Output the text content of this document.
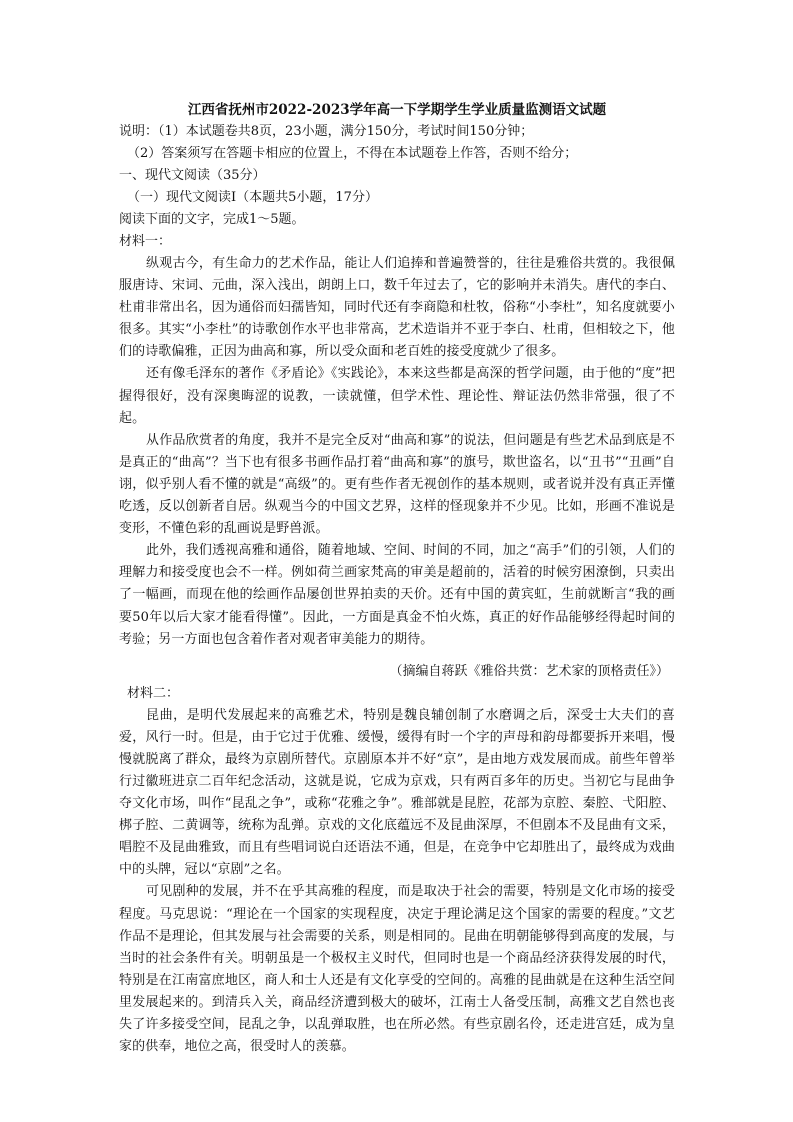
江西省抚州市2022-2023学年高一下学期学生学业质量监测语文试题
说明：（1）本试题卷共8页，23小题，满分150分，考试时间150分钟；
（2）答案须写在答题卡相应的位置上，不得在本试题卷上作答，否则不给分；
一、现代文阅读（35分）
（一）现代文阅读Ⅰ（本题共5小题，17分）
阅读下面的文字，完成1～5题。
材料一：

纵观古今，有生命力的艺术作品，能让人们追捧和普遍赞誉的，往往是雅俗共赏的。我很佩服唐诗、宋词、元曲，深入浅出，朗朗上口，数千年过去了，它的影响并未消失。唐代的李白、杜甫非常出名，因为通俗而妇孺皆知，同时代还有李商隐和杜牧，俗称“小李杜”，知名度就要小很多。其实“小李杜”的诗歌创作水平也非常高，艺术造诣并不亚于李白、杜甫，但相较之下，他们的诗歌偏雅，正因为曲高和寡，所以受众面和老百姓的接受度就少了很多。

还有像毛泽东的著作《矛盾论》《实践论》，本来这些都是高深的哲学问题，由于他的“度”把握得很好，没有深奥晦涩的说教，一读就懂，但学术性、理论性、辩证法仍然非常强，很了不起。

从作品欣赏者的角度，我并不是完全反对“曲高和寡”的说法，但问题是有些艺术品到底是不是真正的“曲高”？当下也有很多书画作品打着“曲高和寡”的旗号，欺世盗名，以“丑书”“丑画”自诩，似乎别人看不懂的就是“高级”的。更有些作者无视创作的基本规则，或者说并没有真正弄懂吃透，反以创新者自居。纵观当今的中国文艺界，这样的怪现象并不少见。比如，形画不准说是变形，不懂色彩的乱画说是野兽派。

此外，我们透视高雅和通俗，随着地域、空间、时间的不同，加之“高手”们的引领，人们的理解力和接受度也会不一样。例如荷兰画家梵高的审美是超前的，活着的时候穷困潦倒，只卖出了一幅画，而现在他的绘画作品屡创世界拍卖的天价。还有中国的黄宾虹，生前就断言“我的画要50年以后大家才能看得懂”。因此，一方面是真金不怕火炼，真正的好作品能够经得起时间的考验；另一方面也包含着作者对观者审美能力的期待。

（摘编自蒋跃《雅俗共赏：艺术家的顶格责任》）
材料二：

昆曲，是明代发展起来的高雅艺术，特别是魏良辅创制了水磨调之后，深受士大夫们的喜爱，风行一时。但是，由于它过于优雅、缓慢，缓得有时一个字的声母和韵母都要拆开来唱，慢慢就脱离了群众，最终为京剧所替代。京剧原本并不好“京”，是由地方戏发展而成。前些年曾举行过徽班进京二百年纪念活动，这就是说，它成为京戏，只有两百多年的历史。当初它与昆曲争夺文化市场，叫作“昆乱之争”，或称“花雅之争”。雅部就是昆腔，花部为京腔、秦腔、弋阳腔、梆子腔、二黄调等，统称为乱弹。京戏的文化底蕴远不及昆曲深厚，不但剧本不及昆曲有文采，唱腔不及昆曲雅致，而且有些唱词说白还语法不通，但是，在竞争中它却胜出了，最终成为戏曲中的头牌，冠以“京剧”之名。

可见剧种的发展，并不在乎其高雅的程度，而是取决于社会的需要，特别是文化市场的接受程度。马克思说：“理论在一个国家的实现程度，决定于理论满足这个国家的需要的程度。”文艺作品不是理论，但其发展与社会需要的关系，则是相同的。昆曲在明朝能够得到高度的发展，与当时的社会条件有关。明朝虽是一个极权主义时代，但同时也是一个商品经济获得发展的时代，特别是在江南富庶地区，商人和士人还是有文化享受的空间的。高雅的昆曲就是在这种生活空间里发展起来的。到清兵入关，商品经济遭到极大的破坏，江南士人备受压制，高雅文艺自然也丧失了许多接受空间，昆乱之争，以乱弹取胜，也在所必然。有些京剧名伶，还走进宫廷，成为皇家的供奉，地位之高，很受时人的羡慕。
